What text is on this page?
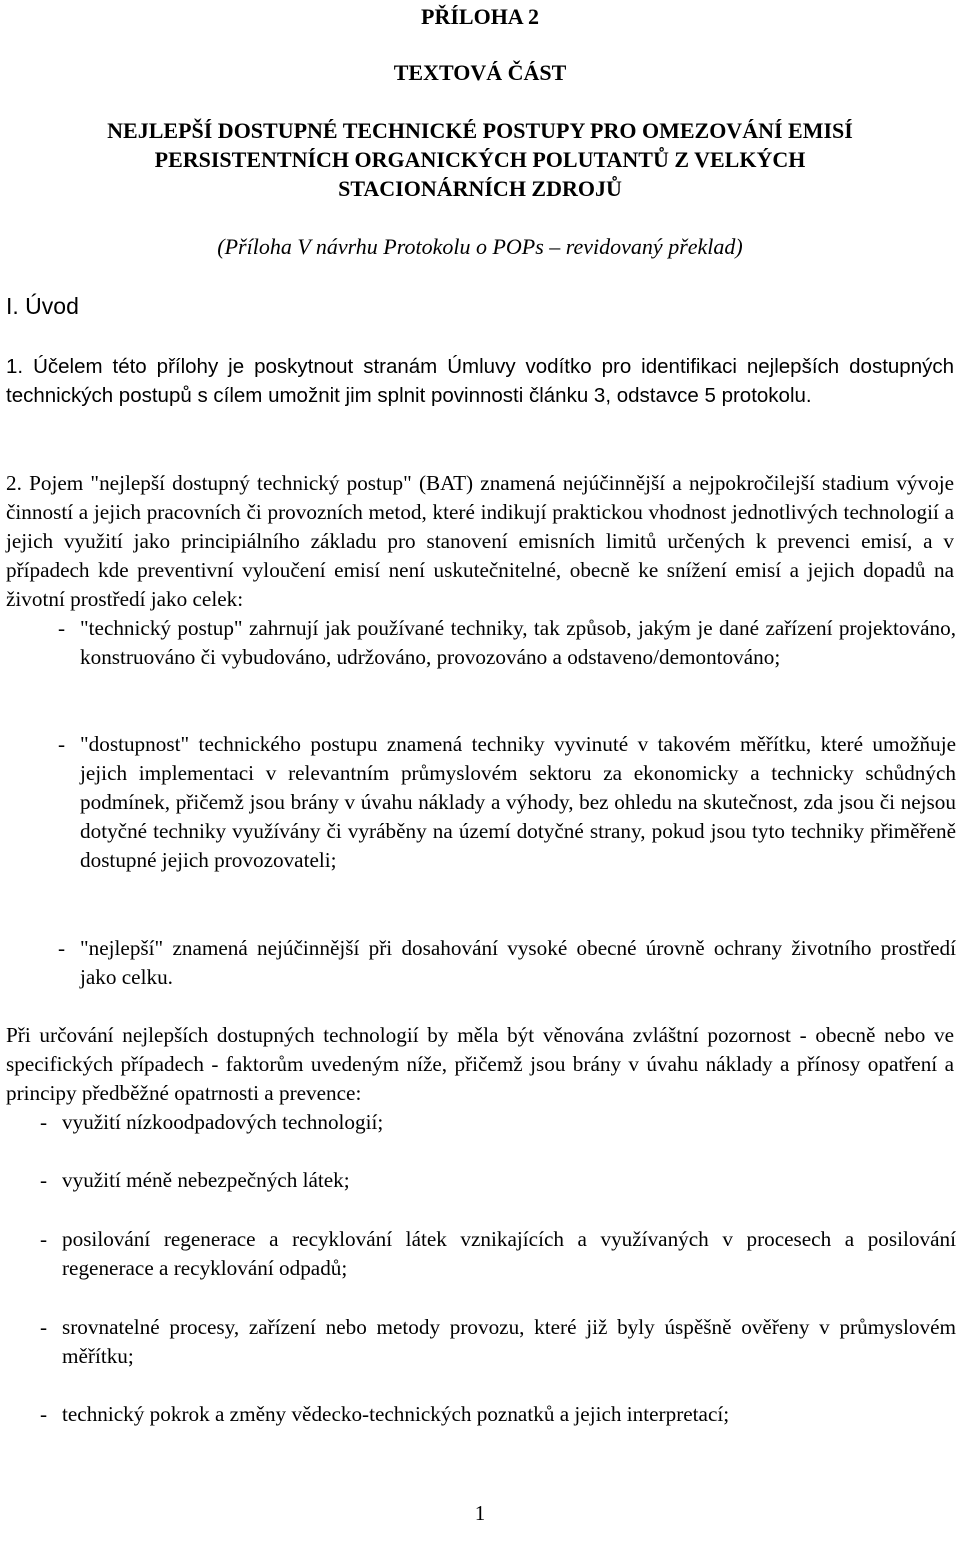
PŘÍLOHA 2
TEXTOVÁ ČÁST
NEJLEPŠÍ DOSTUPNÉ TECHNICKÉ POSTUPY PRO OMEZOVÁNÍ EMISÍ
PERSISTENTNÍCH ORGANICKÝCH POLUTANTŮ Z VELKÝCH
STACIONÁRNÍCH ZDROJŮ
(Příloha V návrhu Protokolu o POPs – revidovaný překlad)
I. Úvod
1. Účelem této přílohy je poskytnout stranám Úmluvy vodítko pro identifikaci nejlepších dostupných technických postupů s cílem umožnit jim splnit povinnosti článku 3, odstavce 5 protokolu.
2. Pojem "nejlepší dostupný technický postup" (BAT) znamená nejúčinnější a nejpokročilejší stadium vývoje činností a jejich pracovních či provozních metod, které indikují praktickou vhodnost jednotlivých technologií a jejich využití jako principiálního základu pro stanovení emisních limitů určených k prevenci emisí, a v případech kde preventivní vyloučení emisí není uskutečnitelné, obecně ke snížení emisí a jejich dopadů na životní prostředí jako celek:
- "technický postup" zahrnují jak používané techniky, tak způsob, jakým je dané zařízení projektováno, konstruováno či vybudováno, udržováno, provozováno a odstaveno/demontováno;
- "dostupnost" technického postupu znamená techniky vyvinuté v takovém měřítku, které umožňuje jejich implementaci v relevantním průmyslovém sektoru za ekonomicky a technicky schůdných podmínek, přičemž jsou brány v úvahu náklady a výhody, bez ohledu na skutečnost, zda jsou či nejsou dotyčné techniky využívány či vyráběny na území dotyčné strany, pokud jsou tyto techniky přiměřeně dostupné jejich provozovateli;
- "nejlepší" znamená nejúčinnější při dosahování vysoké obecné úrovně ochrany životního prostředí jako celku.
Při určování nejlepších dostupných technologií by měla být věnována zvláštní pozornost - obecně nebo ve specifických případech - faktorům uvedeným níže, přičemž jsou brány v úvahu náklady a přínosy opatření a principy předběžné opatrnosti a prevence:
- využití nízkoodpadových technologií;
- využití méně nebezpečných látek;
- posilování regenerace a recyklování látek vznikajících a využívaných v procesech a posilování regenerace a recyklování odpadů;
- srovnatelné procesy, zařízení nebo metody provozu, které již byly úspěšně ověřeny v průmyslovém měřítku;
- technický pokrok a změny vědecko-technických poznatků a jejich interpretací;
1
